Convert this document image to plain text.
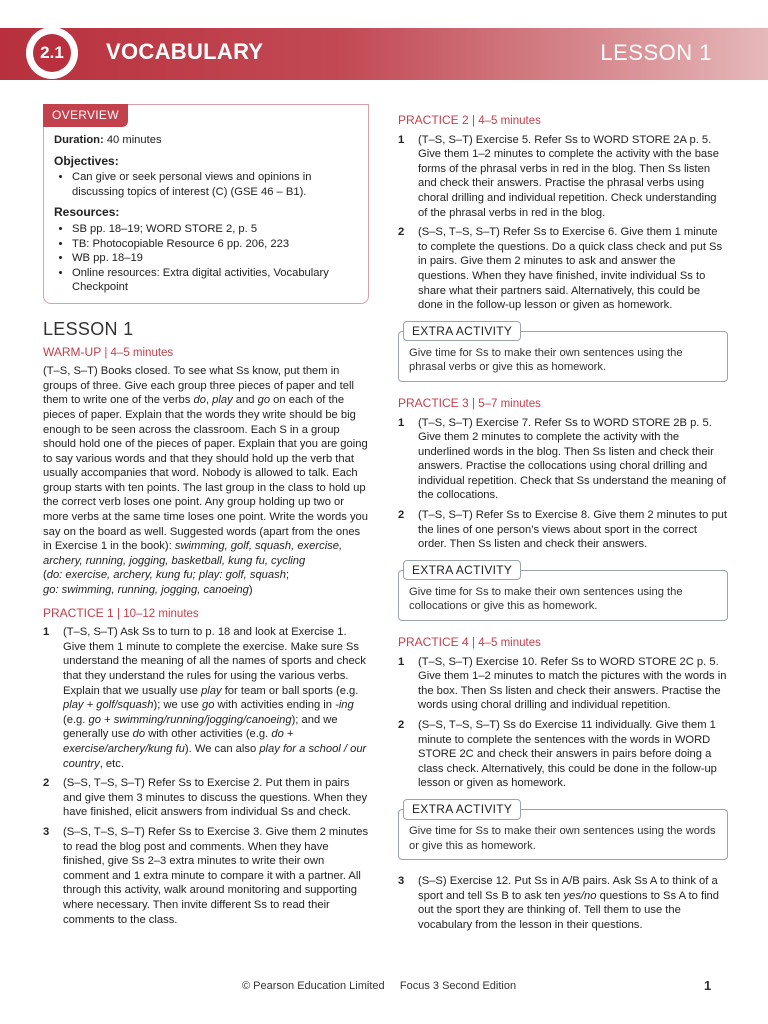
2.1	VOCABULARY	LESSON 1
OVERVIEW

Duration: 40 minutes

Objectives:
• Can give or seek personal views and opinions in discussing topics of interest (C) (GSE 46 – B1).
Resources:
• SB pp. 18–19; WORD STORE 2, p. 5
• TB: Photocopiable Resource 6 pp. 206, 223
• WB pp. 18–19
• Online resources: Extra digital activities, Vocabulary Checkpoint
LESSON 1
WARM-UP | 4–5 minutes

(T–S, S–T) Books closed. To see what Ss know, put them in groups of three. Give each group three pieces of paper and tell them to write one of the verbs do, play and go on each of the pieces of paper. Explain that the words they write should be big enough to be seen across the classroom. Each S in a group should hold one of the pieces of paper. Explain that you are going to say various words and that they should hold up the verb that usually accompanies that word. Nobody is allowed to talk. Each group starts with ten points. The last group in the class to hold up the correct verb loses one point. Any group holding up two or more verbs at the same time loses one point. Write the words you say on the board as well. Suggested words (apart from the ones in Exercise 1 in the book): swimming, golf, squash, exercise, archery, running, jogging, basketball, kung fu, cycling
(do: exercise, archery, kung fu; play: golf, squash;
go: swimming, running, jogging, canoeing)

PRACTICE 1 | 10–12 minutes
1 (T–S, S–T) Ask Ss to turn to p. 18 and look at Exercise 1. Give them 1 minute to complete the exercise. Make sure Ss understand the meaning of all the names of sports and check that they understand the rules for using the various verbs. Explain that we usually use play for team or ball sports (e.g. play + golf/squash); we use go with activities ending in -ing (e.g. go + swimming/running/jogging/canoeing); and we generally use do with other activities (e.g. do + exercise/archery/kung fu). We can also play for a school / our country, etc.
2 (S–S, T–S, S–T) Refer Ss to Exercise 2. Put them in pairs and give them 3 minutes to discuss the questions. When they have finished, elicit answers from individual Ss and check.
3 (S–S, T–S, S–T) Refer Ss to Exercise 3. Give them 2 minutes to read the blog post and comments. When they have finished, give Ss 2–3 extra minutes to write their own comment and 1 extra minute to compare it with a partner. All through this activity, walk around monitoring and supporting where necessary. Then invite different Ss to read their comments to the class.
PRACTICE 2 | 4–5 minutes
1 (T–S, S–T) Exercise 5. Refer Ss to WORD STORE 2A p. 5. Give them 1–2 minutes to complete the activity with the base forms of the phrasal verbs in red in the blog. Then Ss listen and check their answers. Practise the phrasal verbs using choral drilling and individual repetition. Check understanding of the phrasal verbs in red in the blog.
2 (S–S, T–S, S–T) Refer Ss to Exercise 6. Give them 1 minute to complete the questions. Do a quick class check and put Ss in pairs. Give them 2 minutes to ask and answer the questions. When they have finished, invite individual Ss to share what their partners said. Alternatively, this could be done in the follow-up lesson or given as homework.
EXTRA ACTIVITY
Give time for Ss to make their own sentences using the phrasal verbs or give this as homework.
PRACTICE 3 | 5–7 minutes
1 (T–S, S–T) Exercise 7. Refer Ss to WORD STORE 2B p. 5. Give them 2 minutes to complete the activity with the underlined words in the blog. Then Ss listen and check their answers. Practise the collocations using choral drilling and individual repetition. Check that Ss understand the meaning of the collocations.
2 (T–S, S–T) Refer Ss to Exercise 8. Give them 2 minutes to put the lines of one person’s views about sport in the correct order. Then Ss listen and check their answers.
EXTRA ACTIVITY
Give time for Ss to make their own sentences using the collocations or give this as homework.
PRACTICE 4 | 4–5 minutes
1 (T–S, S–T) Exercise 10. Refer Ss to WORD STORE 2C p. 5. Give them 1–2 minutes to match the pictures with the words in the box. Then Ss listen and check their answers. Practise the words using choral drilling and individual repetition.
2 (S–S, T–S, S–T) Ss do Exercise 11 individually. Give them 1 minute to complete the sentences with the words in WORD STORE 2C and check their answers in pairs before doing a class check. Alternatively, this could be done in the follow-up lesson or given as homework.
EXTRA ACTIVITY
Give time for Ss to make their own sentences using the words or give this as homework.
3 (S–S) Exercise 12. Put Ss in A/B pairs. Ask Ss A to think of a sport and tell Ss B to ask ten yes/no questions to Ss A to find out the sport they are thinking of. Tell them to use the vocabulary from the lesson in their questions.
© Pearson Education Limited     Focus 3 Second Edition	1
